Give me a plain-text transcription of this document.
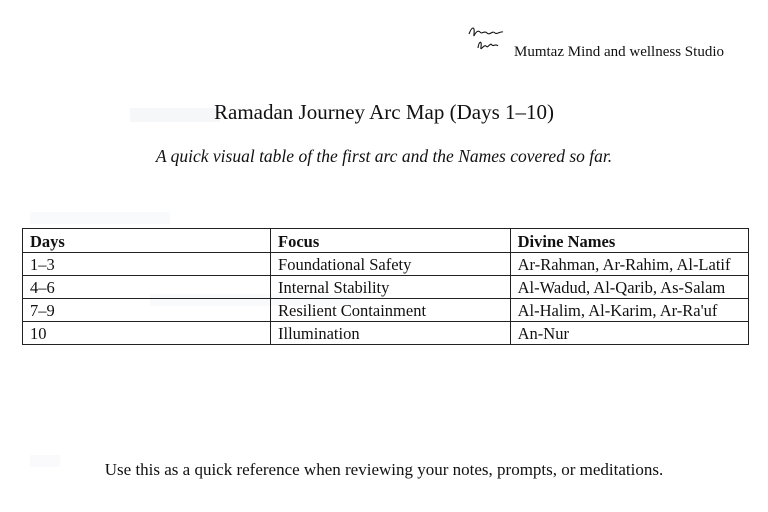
Mumtaz Mind and wellness Studio
Ramadan Journey Arc Map (Days 1–10)
A quick visual table of the first arc and the Names covered so far.
Days	Focus	Divine Names
1–3	Foundational Safety	Ar-Rahman, Ar-Rahim, Al-Latif
4–6	Internal Stability	Al-Wadud, Al-Qarib, As-Salam
7–9	Resilient Containment	Al-Halim, Al-Karim, Ar-Ra'uf
10	Illumination	An-Nur
Use this as a quick reference when reviewing your notes, prompts, or meditations.
